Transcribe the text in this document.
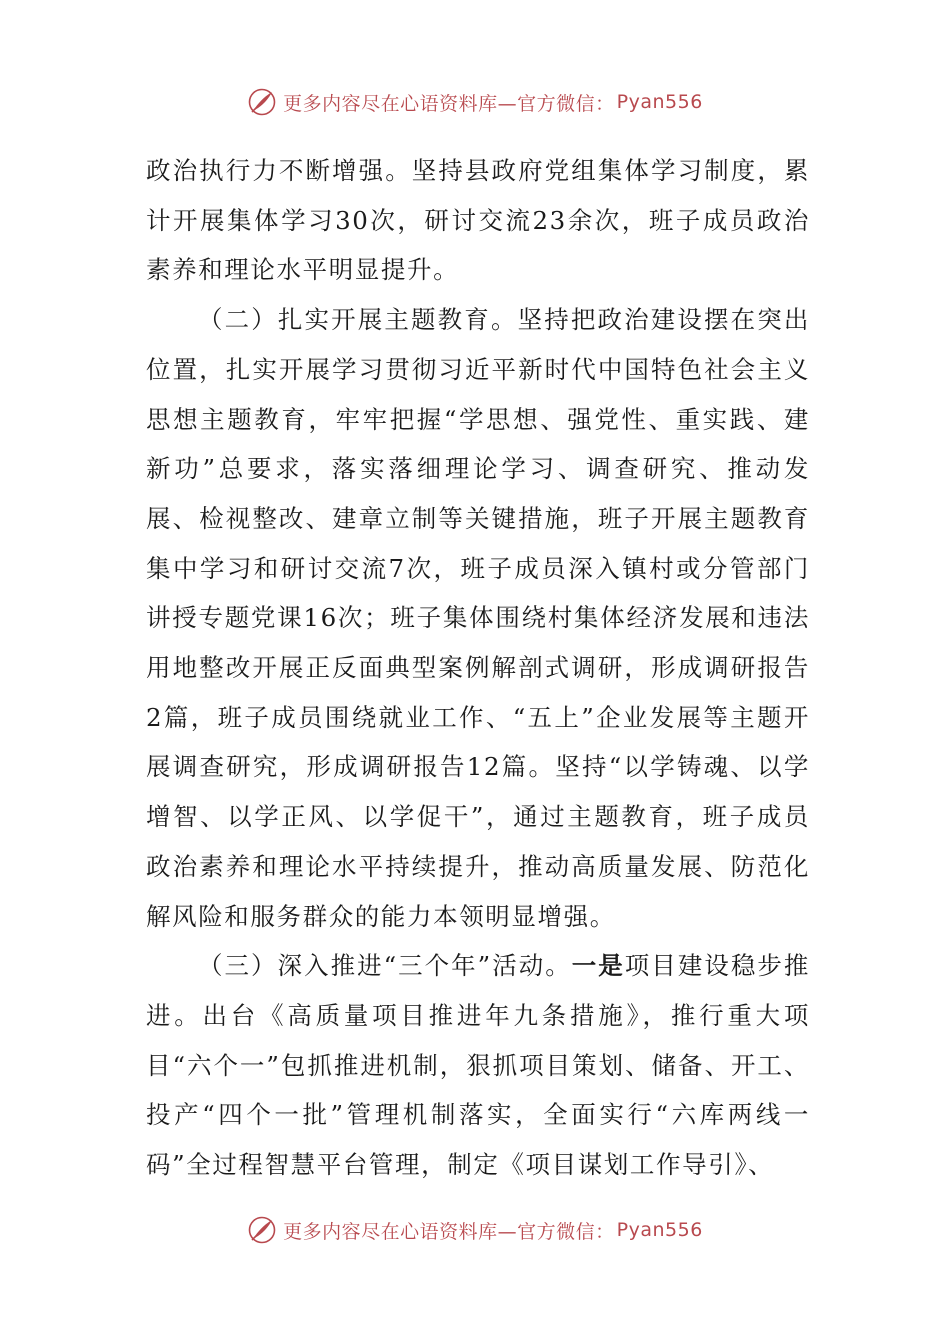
更多内容尽在心语资料库—官方微信： Pyan556

政治执行力不断增强。坚持县政府党组集体学习制度，累计开展集体学习30次，研讨交流23余次，班子成员政治素养和理论水平明显提升。

（二）扎实开展主题教育。坚持把政治建设摆在突出位置，扎实开展学习贯彻习近平新时代中国特色社会主义思想主题教育，牢牢把握“学思想、强党性、重实践、建新功”总要求，落实落细理论学习、调查研究、推动发展、检视整改、建章立制等关键措施，班子开展主题教育集中学习和研讨交流7次，班子成员深入镇村或分管部门讲授专题党课16次；班子集体围绕村集体经济发展和违法用地整改开展正反面典型案例解剖式调研，形成调研报告2篇，班子成员围绕就业工作、“五上”企业发展等主题开展调查研究，形成调研报告12篇。坚持“以学铸魂、以学增智、以学正风、以学促干”，通过主题教育，班子成员政治素养和理论水平持续提升，推动高质量发展、防范化解风险和服务群众的能力本领明显增强。

（三）深入推进“三个年”活动。一是项目建设稳步推进。出台《高质量项目推进年九条措施》，推行重大项目“六个一”包抓推进机制，狠抓项目策划、储备、开工、投产“四个一批”管理机制落实，全面实行“六库两线一码”全过程智慧平台管理，制定《项目谋划工作导引》、

更多内容尽在心语资料库—官方微信： Pyan556
